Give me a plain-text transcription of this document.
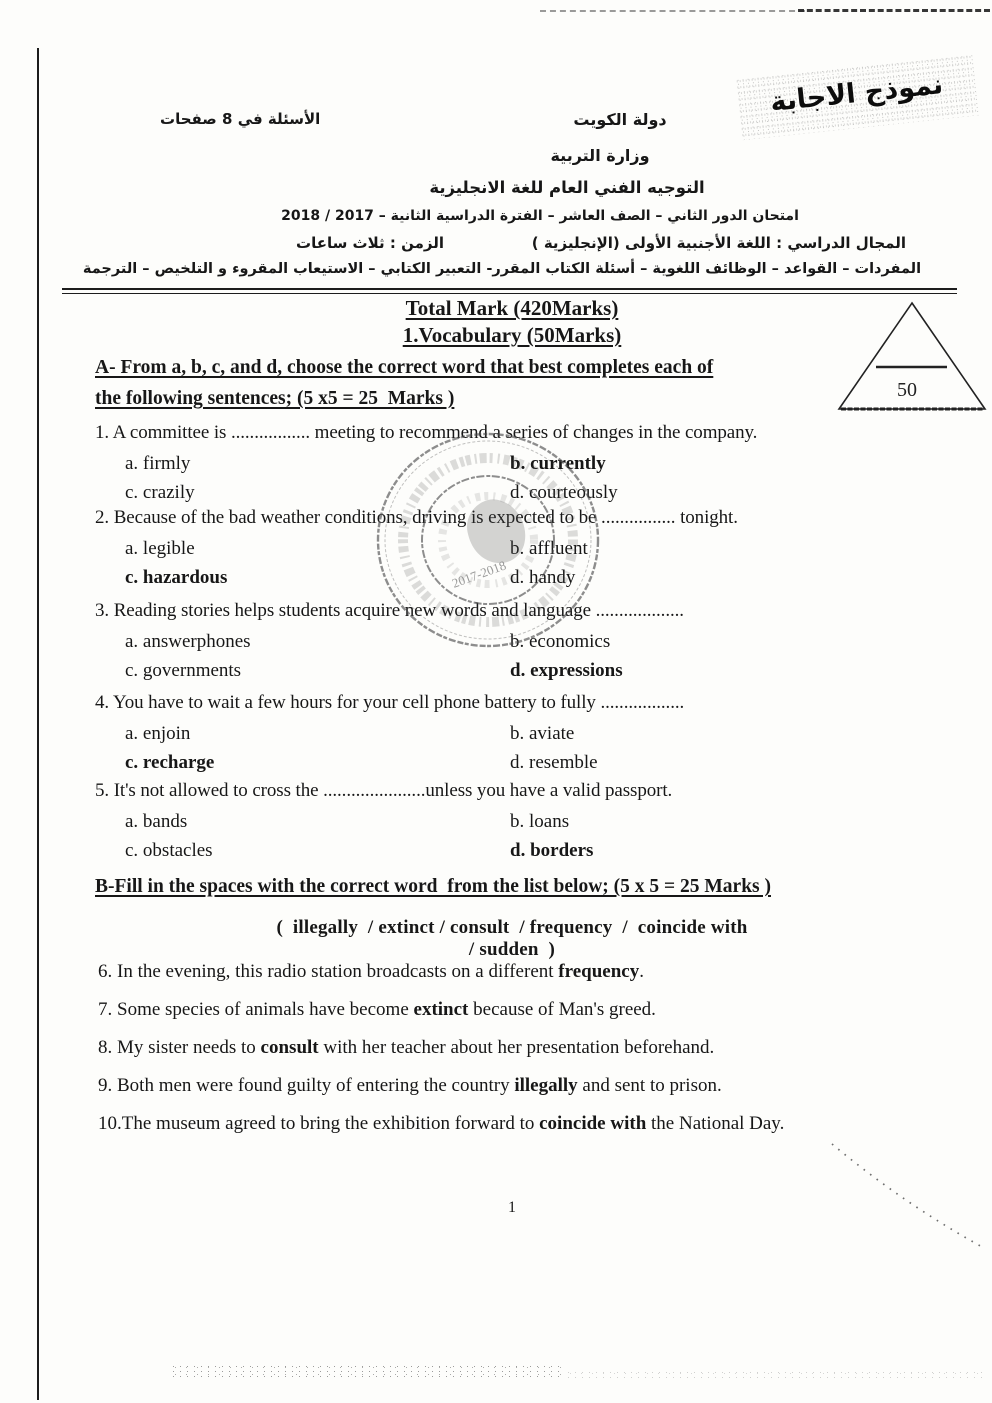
نموذج الاجابة
الأسئلة في 8 صفحات	دولة الكويت
وزارة التربية
التوجيه الفني العام للغة الانجليزية
امتحان الدور الثاني – الصف العاشر – الفترة الدراسية الثانية – 2017 / 2018
المجال الدراسي : اللغة الأجنبية الأولى (الإنجليزية )
الزمن : ثلاث ساعات
المفردات – القواعد – الوظائف اللغوية – أسئلة الكتاب المقرر- التعبير الكتابي – الاستيعاب المقروء و التلخيص – الترجمة
Total Mark (420Marks)
1.Vocabulary (50Marks)
50
A- From a, b, c, and d, choose the correct word that best completes each of
the following sentences; (5 x5 = 25  Marks )
1. A committee is ................. meeting to recommend a series of changes in the company.
a. firmly	b. currently
c. crazily	d. courteously
2. Because of the bad weather conditions, driving is expected to be ................ tonight.
a. legible	b. affluent
c. hazardous	d. handy
3. Reading stories helps students acquire new words and language ...................
a. answerphones	b. economics
c. governments	d. expressions
4. You have to wait a few hours for your cell phone battery to fully ..................
a. enjoin	b. aviate
c. recharge	d. resemble
5. It's not allowed to cross the ......................unless you have a valid passport.
a. bands	b. loans
c. obstacles	d. borders
2017-2018
B-Fill in the spaces with the correct word  from the list below; (5 x 5 = 25 Marks )
(  illegally  / extinct / consult  / frequency  /  coincide with / sudden  )
6. In the evening, this radio station broadcasts on a different frequency.
7. Some species of animals have become extinct because of Man's greed.
8. My sister needs to consult with her teacher about her presentation beforehand.
9. Both men were found guilty of entering the country illegally and sent to prison.
10.The museum agreed to bring the exhibition forward to coincide with the National Day.
1
